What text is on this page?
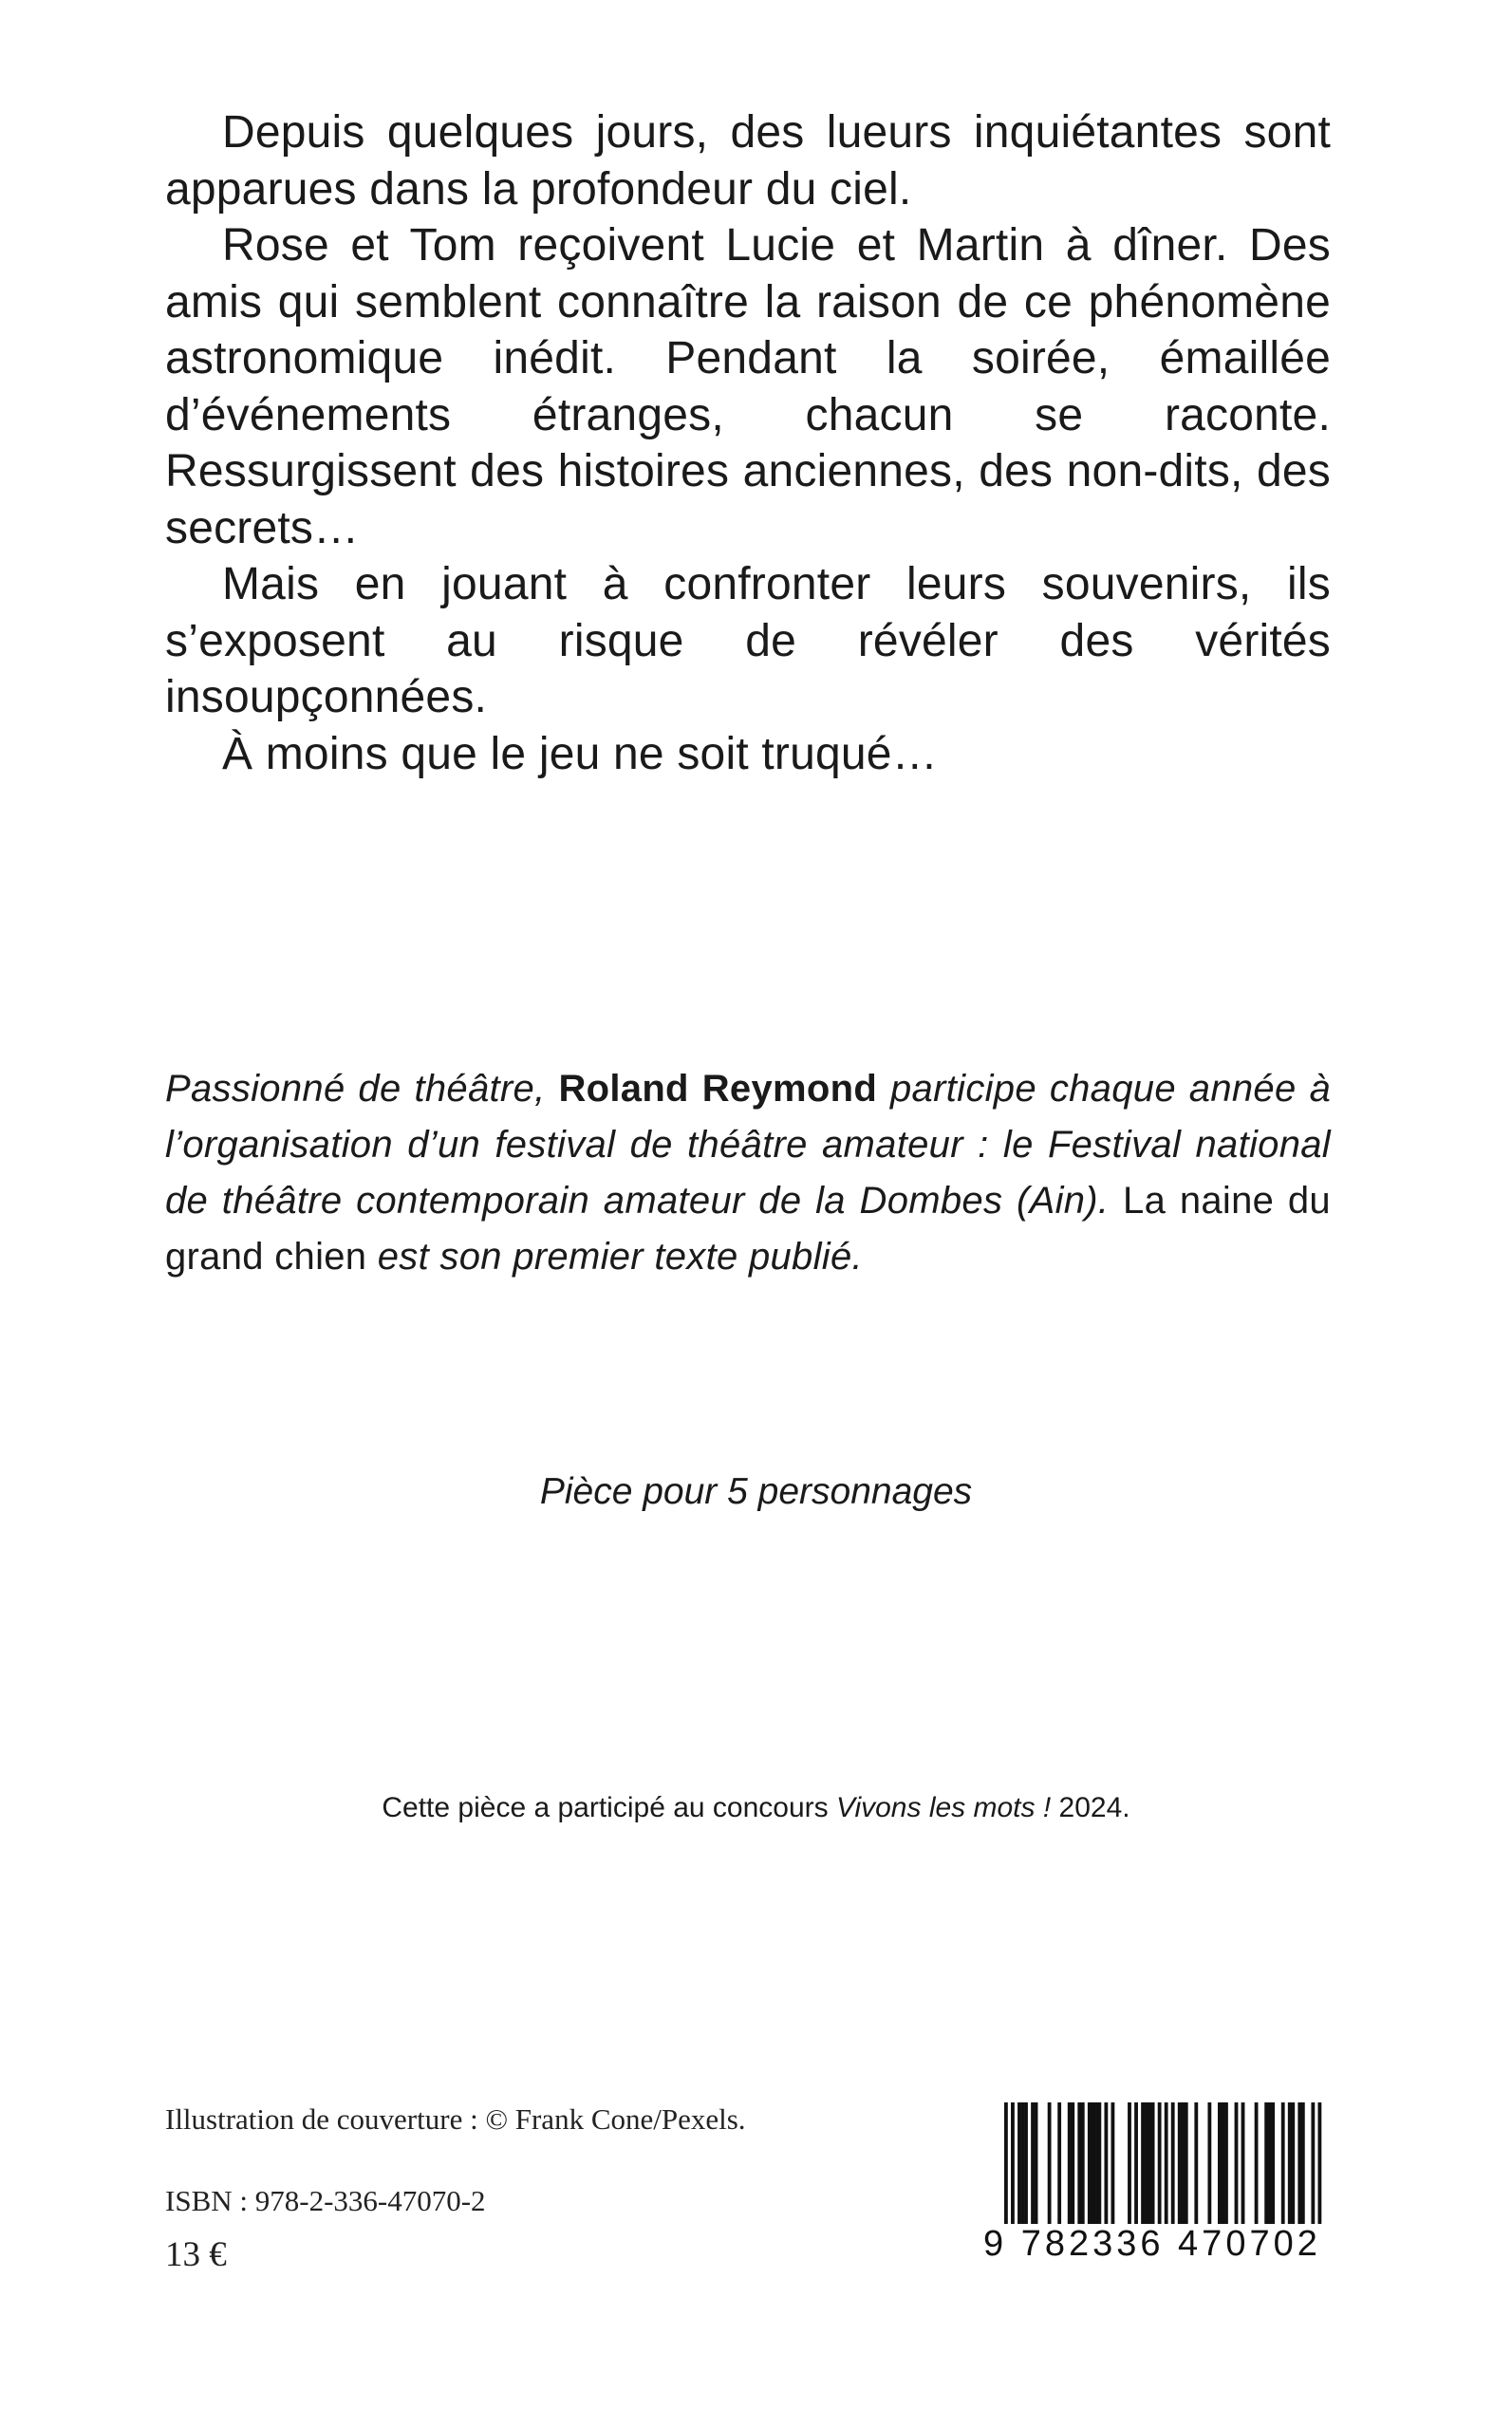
Depuis quelques jours, des lueurs inquiétantes sont apparues dans la profondeur du ciel.

Rose et Tom reçoivent Lucie et Martin à dîner. Des amis qui semblent connaître la raison de ce phénomène astronomique inédit. Pendant la soirée, émaillée d’événements étranges, chacun se raconte. Ressurgissent des histoires anciennes, des non-dits, des secrets…

Mais en jouant à confronter leurs souvenirs, ils s’exposent au risque de révéler des vérités insoupçonnées.

À moins que le jeu ne soit truqué…

Passionné de théâtre, Roland Reymond participe chaque année à l’organisation d’un festival de théâtre amateur : le Festival national de théâtre contemporain amateur de la Dombes (Ain). La naine du grand chien est son premier texte publié.

Pièce pour 5 personnages
Cette pièce a participé au concours Vivons les mots ! 2024.
Illustration de couverture : © Frank Cone/Pexels.
ISBN : 978-2-336-47070-2
13 €	9 782336 470702
